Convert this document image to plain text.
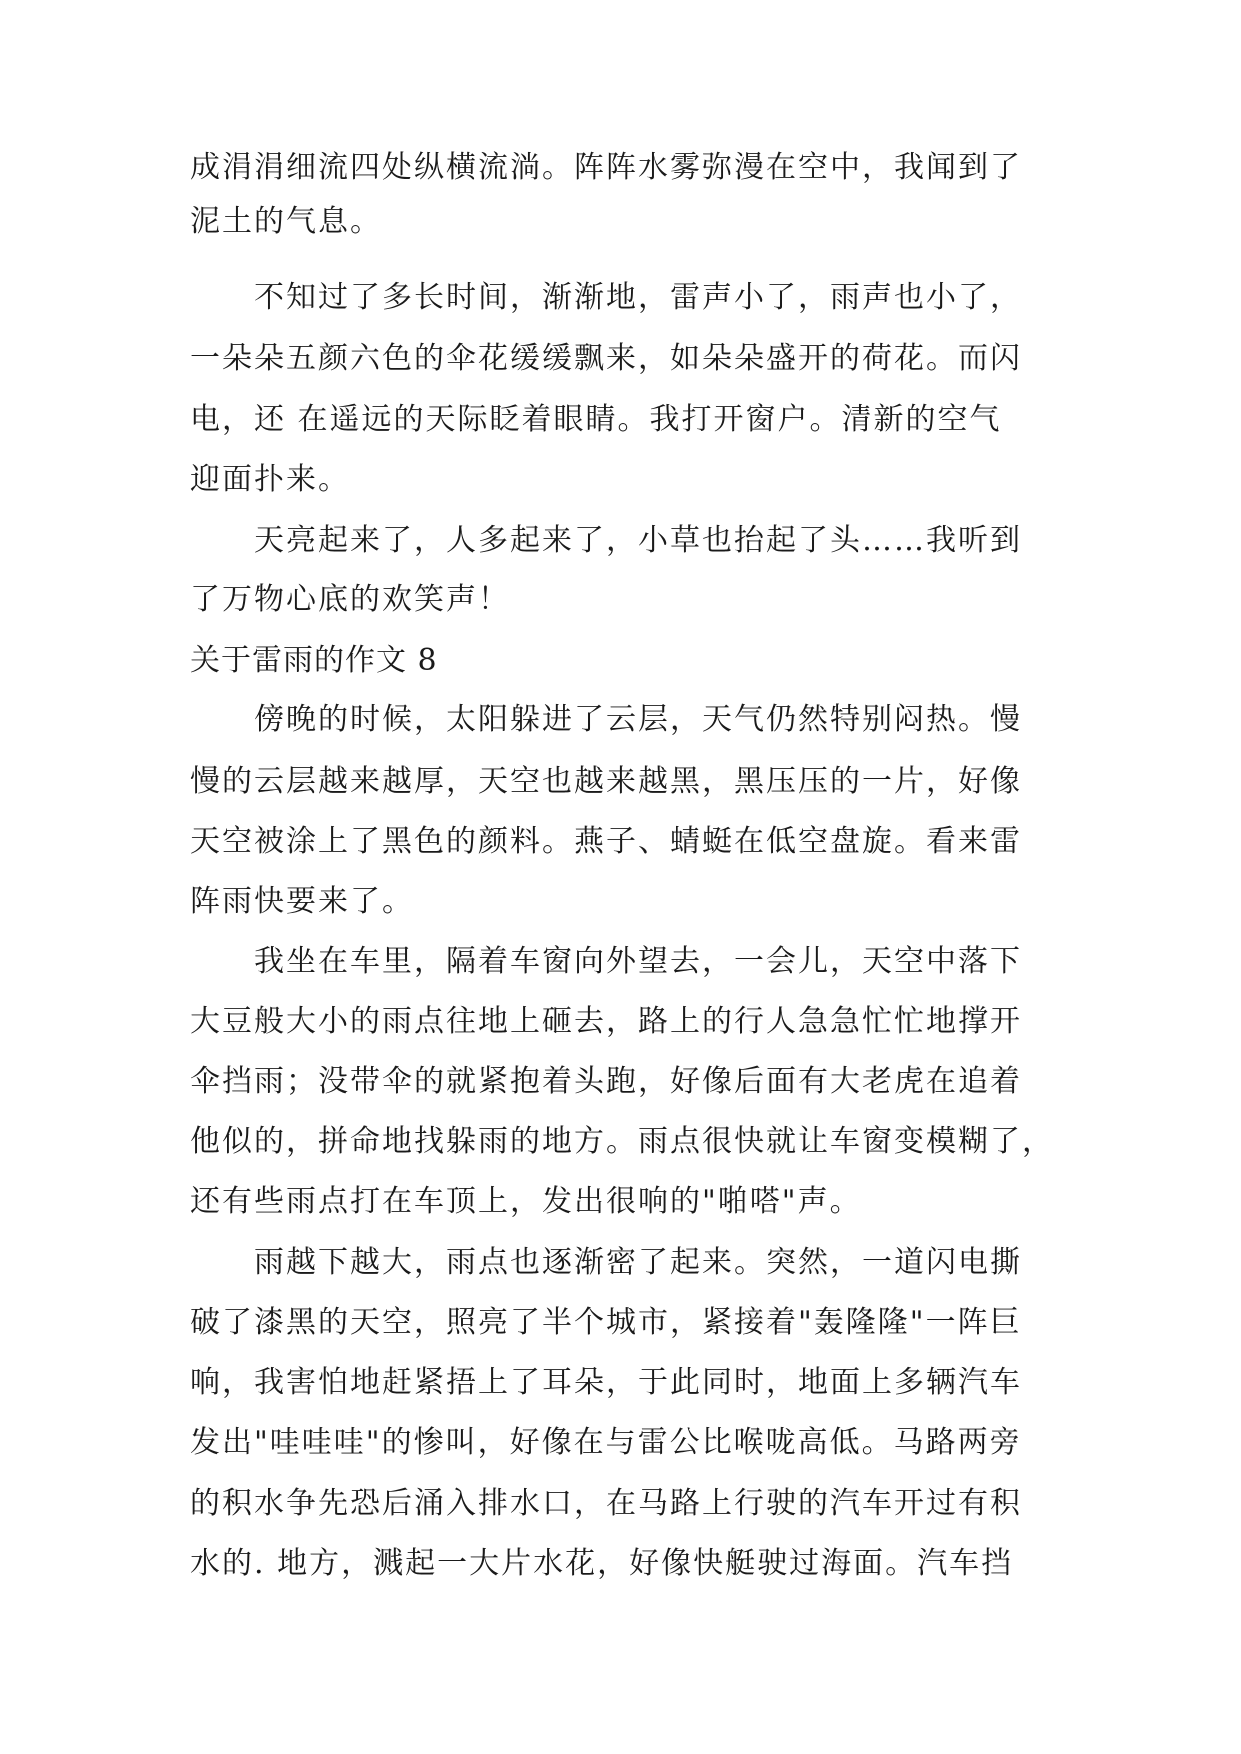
成涓涓细流四处纵横流淌。阵阵水雾弥漫在空中，我闻到了
泥土的气息。
　　不知过了多长时间，渐渐地，雷声小了，雨声也小了，
一朵朵五颜六色的伞花缓缓飘来，如朵朵盛开的荷花。而闪
电，还 在遥远的天际眨着眼睛。我打开窗户。清新的空气
迎面扑来。
　　天亮起来了，人多起来了，小草也抬起了头……我听到
了万物心底的欢笑声！
关于雷雨的作文 8
　　傍晚的时候，太阳躲进了云层，天气仍然特别闷热。慢
慢的云层越来越厚，天空也越来越黑，黑压压的一片，好像
天空被涂上了黑色的颜料。燕子、蜻蜓在低空盘旋。看来雷
阵雨快要来了。
　　我坐在车里，隔着车窗向外望去，一会儿，天空中落下
大豆般大小的雨点往地上砸去，路上的行人急急忙忙地撑开
伞挡雨；没带伞的就紧抱着头跑，好像后面有大老虎在追着
他似的，拼命地找躲雨的地方。雨点很快就让车窗变模糊了，
还有些雨点打在车顶上，发出很响的"啪嗒"声。
　　雨越下越大，雨点也逐渐密了起来。突然，一道闪电撕
破了漆黑的天空，照亮了半个城市，紧接着"轰隆隆"一阵巨
响，我害怕地赶紧捂上了耳朵，于此同时，地面上多辆汽车
发出"哇哇哇"的惨叫，好像在与雷公比喉咙高低。马路两旁
的积水争先恐后涌入排水口，在马路上行驶的汽车开过有积
水的. 地方，溅起一大片水花，好像快艇驶过海面。汽车挡
